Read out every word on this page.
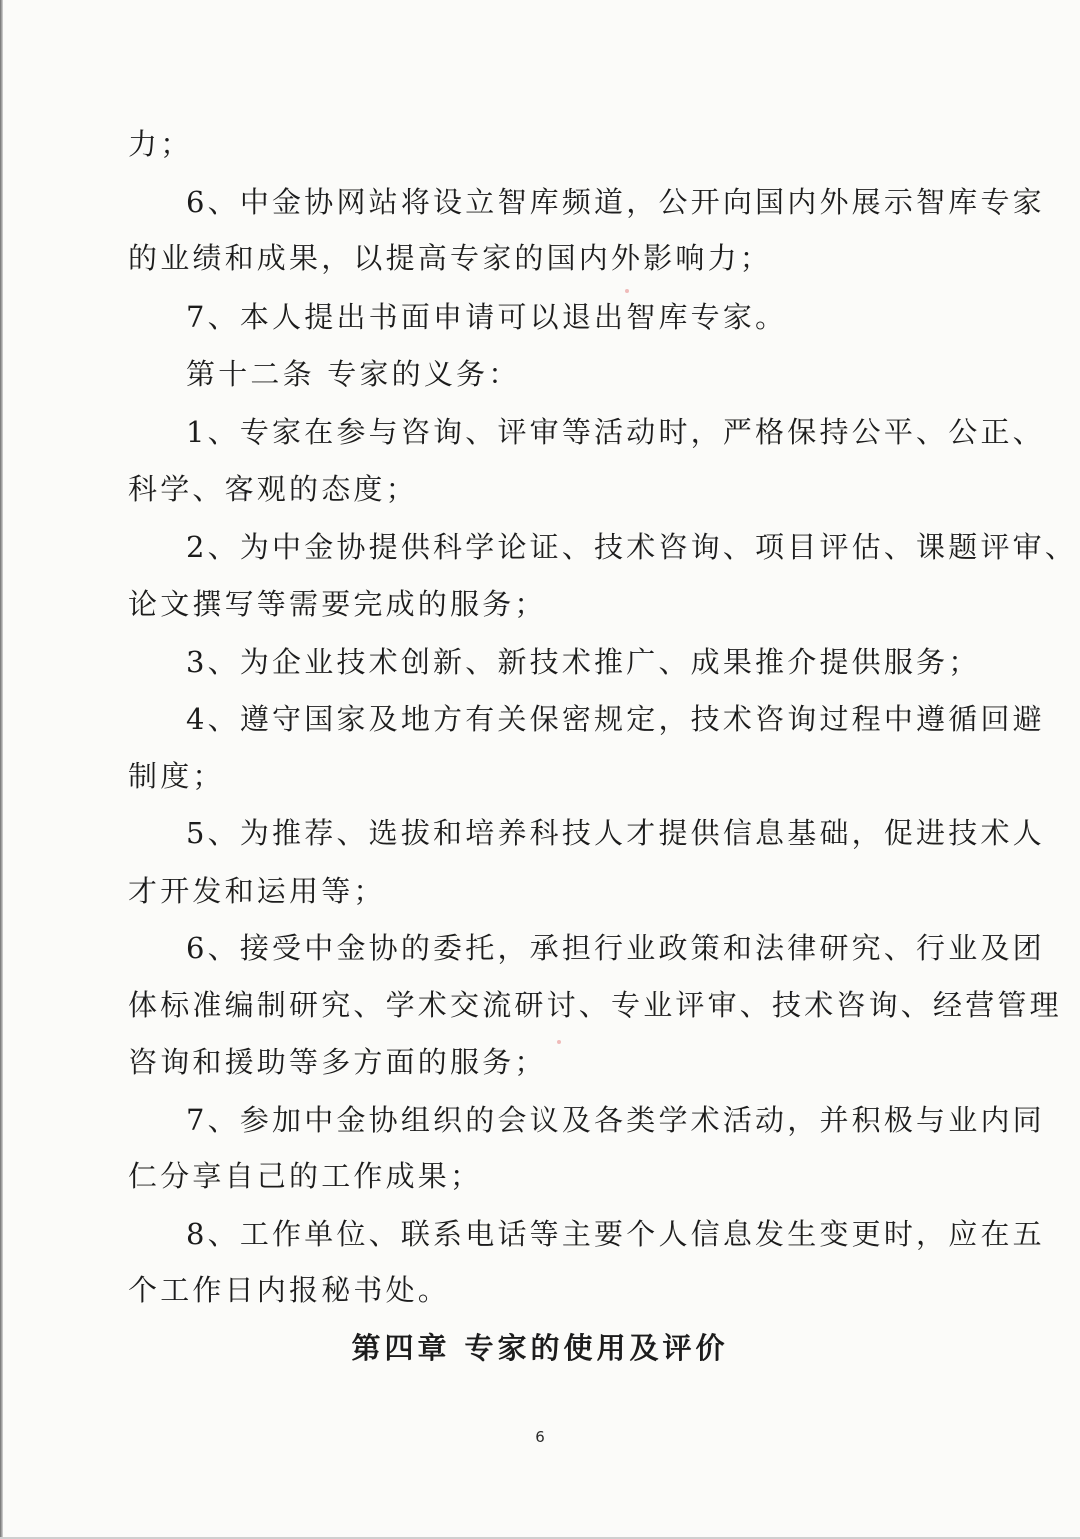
力；
6、中金协网站将设立智库频道，公开向国内外展示智库专家
的业绩和成果，以提高专家的国内外影响力；
7、本人提出书面申请可以退出智库专家。
第十二条 专家的义务：
1、专家在参与咨询、评审等活动时，严格保持公平、公正、
科学、客观的态度；
2、为中金协提供科学论证、技术咨询、项目评估、课题评审、
论文撰写等需要完成的服务；
3、为企业技术创新、新技术推广、成果推介提供服务；
4、遵守国家及地方有关保密规定，技术咨询过程中遵循回避
制度；
5、为推荐、选拔和培养科技人才提供信息基础，促进技术人
才开发和运用等；
6、接受中金协的委托，承担行业政策和法律研究、行业及团
体标准编制研究、学术交流研讨、专业评审、技术咨询、经营管理
咨询和援助等多方面的服务；
7、参加中金协组织的会议及各类学术活动，并积极与业内同
仁分享自己的工作成果；
8、工作单位、联系电话等主要个人信息发生变更时，应在五
个工作日内报秘书处。
第四章 专家的使用及评价
6
